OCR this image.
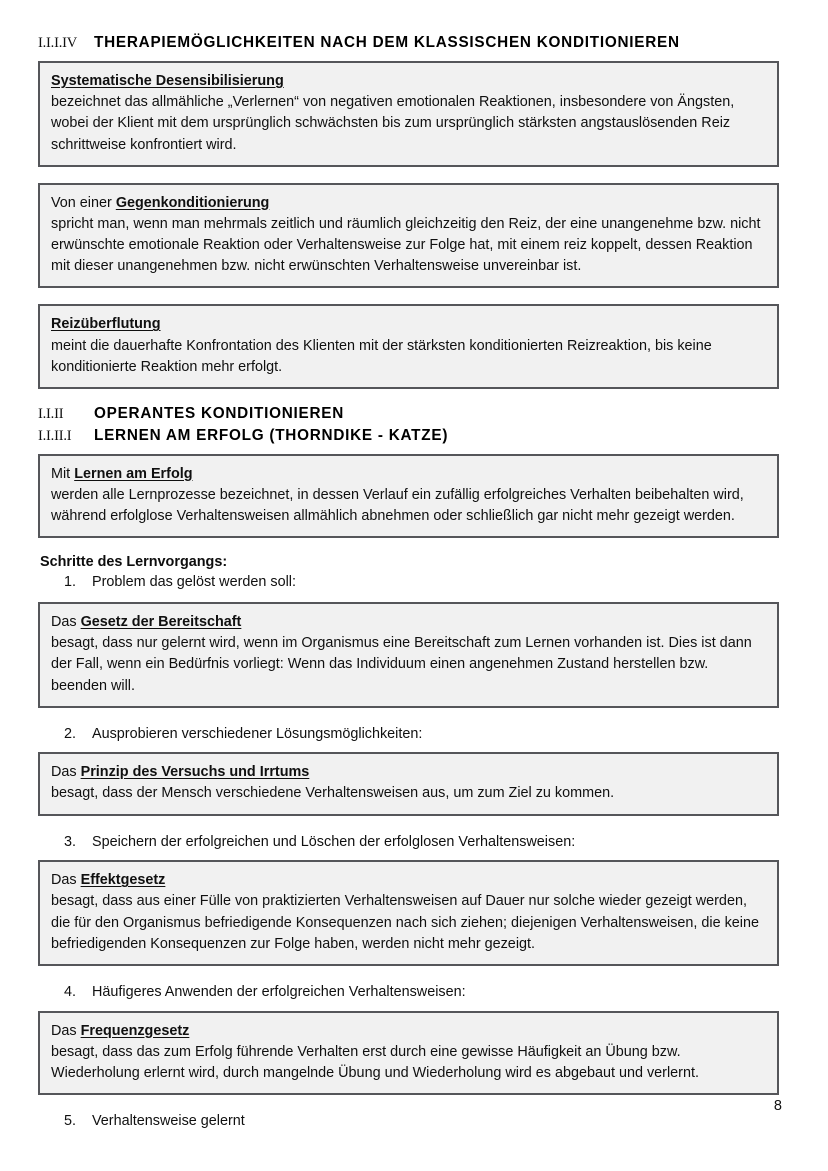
I.I.I.IV	THERAPIEMÖGLICHKEITEN NACH DEM KLASSISCHEN KONDITIONIEREN

Systematische Desensibilisierung

bezeichnet das allmähliche „Verlernen“ von negativen emotionalen Reaktionen, insbesondere von Ängsten, wobei der Klient mit dem ursprünglich schwächsten bis zum ursprünglich stärksten angstauslösenden Reiz schrittweise konfrontiert wird.

Von einer Gegenkonditionierung

spricht man, wenn man mehrmals zeitlich und räumlich gleichzeitig den Reiz, der eine unangenehme bzw. nicht erwünschte emotionale Reaktion oder Verhaltensweise zur Folge hat, mit einem reiz koppelt, dessen Reaktion mit dieser unangenehmen bzw. nicht erwünschten Verhaltensweise unvereinbar ist.

Reizüberflutung

meint die dauerhafte Konfrontation des Klienten mit der stärksten konditionierten Reizreaktion, bis keine konditionierte Reaktion mehr erfolgt.

I.I.II	OPERANTES KONDITIONIEREN
I.I.II.I	LERNEN AM ERFOLG (THORNDIKE - KATZE)

Mit Lernen am Erfolg

werden alle Lernprozesse bezeichnet, in dessen Verlauf ein zufällig erfolgreiches Verhalten beibehalten wird, während erfolglose Verhaltensweisen allmählich abnehmen oder schließlich gar nicht mehr gezeigt werden.

Schritte des Lernvorgangs:
1.	Problem das gelöst werden soll:

Das Gesetz der Bereitschaft

besagt, dass nur gelernt wird, wenn im Organismus eine Bereitschaft zum Lernen vorhanden ist. Dies ist dann der Fall, wenn ein Bedürfnis vorliegt: Wenn das Individuum einen angenehmen Zustand herstellen bzw. beenden will.

2.	Ausprobieren verschiedener Lösungsmöglichkeiten:

Das Prinzip des Versuchs und Irrtums

besagt, dass der Mensch verschiedene Verhaltensweisen aus, um zum Ziel zu kommen.

3.	Speichern der erfolgreichen und Löschen der erfolglosen Verhaltensweisen:

Das Effektgesetz

besagt, dass aus einer Fülle von praktizierten Verhaltensweisen auf Dauer nur solche wieder gezeigt werden, die für den Organismus befriedigende Konsequenzen nach sich ziehen; diejenigen Verhaltensweisen, die keine befriedigenden Konsequenzen zur Folge haben, werden nicht mehr gezeigt.

4.	Häufigeres Anwenden der erfolgreichen Verhaltensweisen:

Das Frequenzgesetz

besagt, dass das zum Erfolg führende Verhalten erst durch eine gewisse Häufigkeit an Übung bzw. Wiederholung erlernt wird, durch mangelnde Übung und Wiederholung wird es abgebaut und verlernt.

5.	Verhaltensweise gelernt
8
